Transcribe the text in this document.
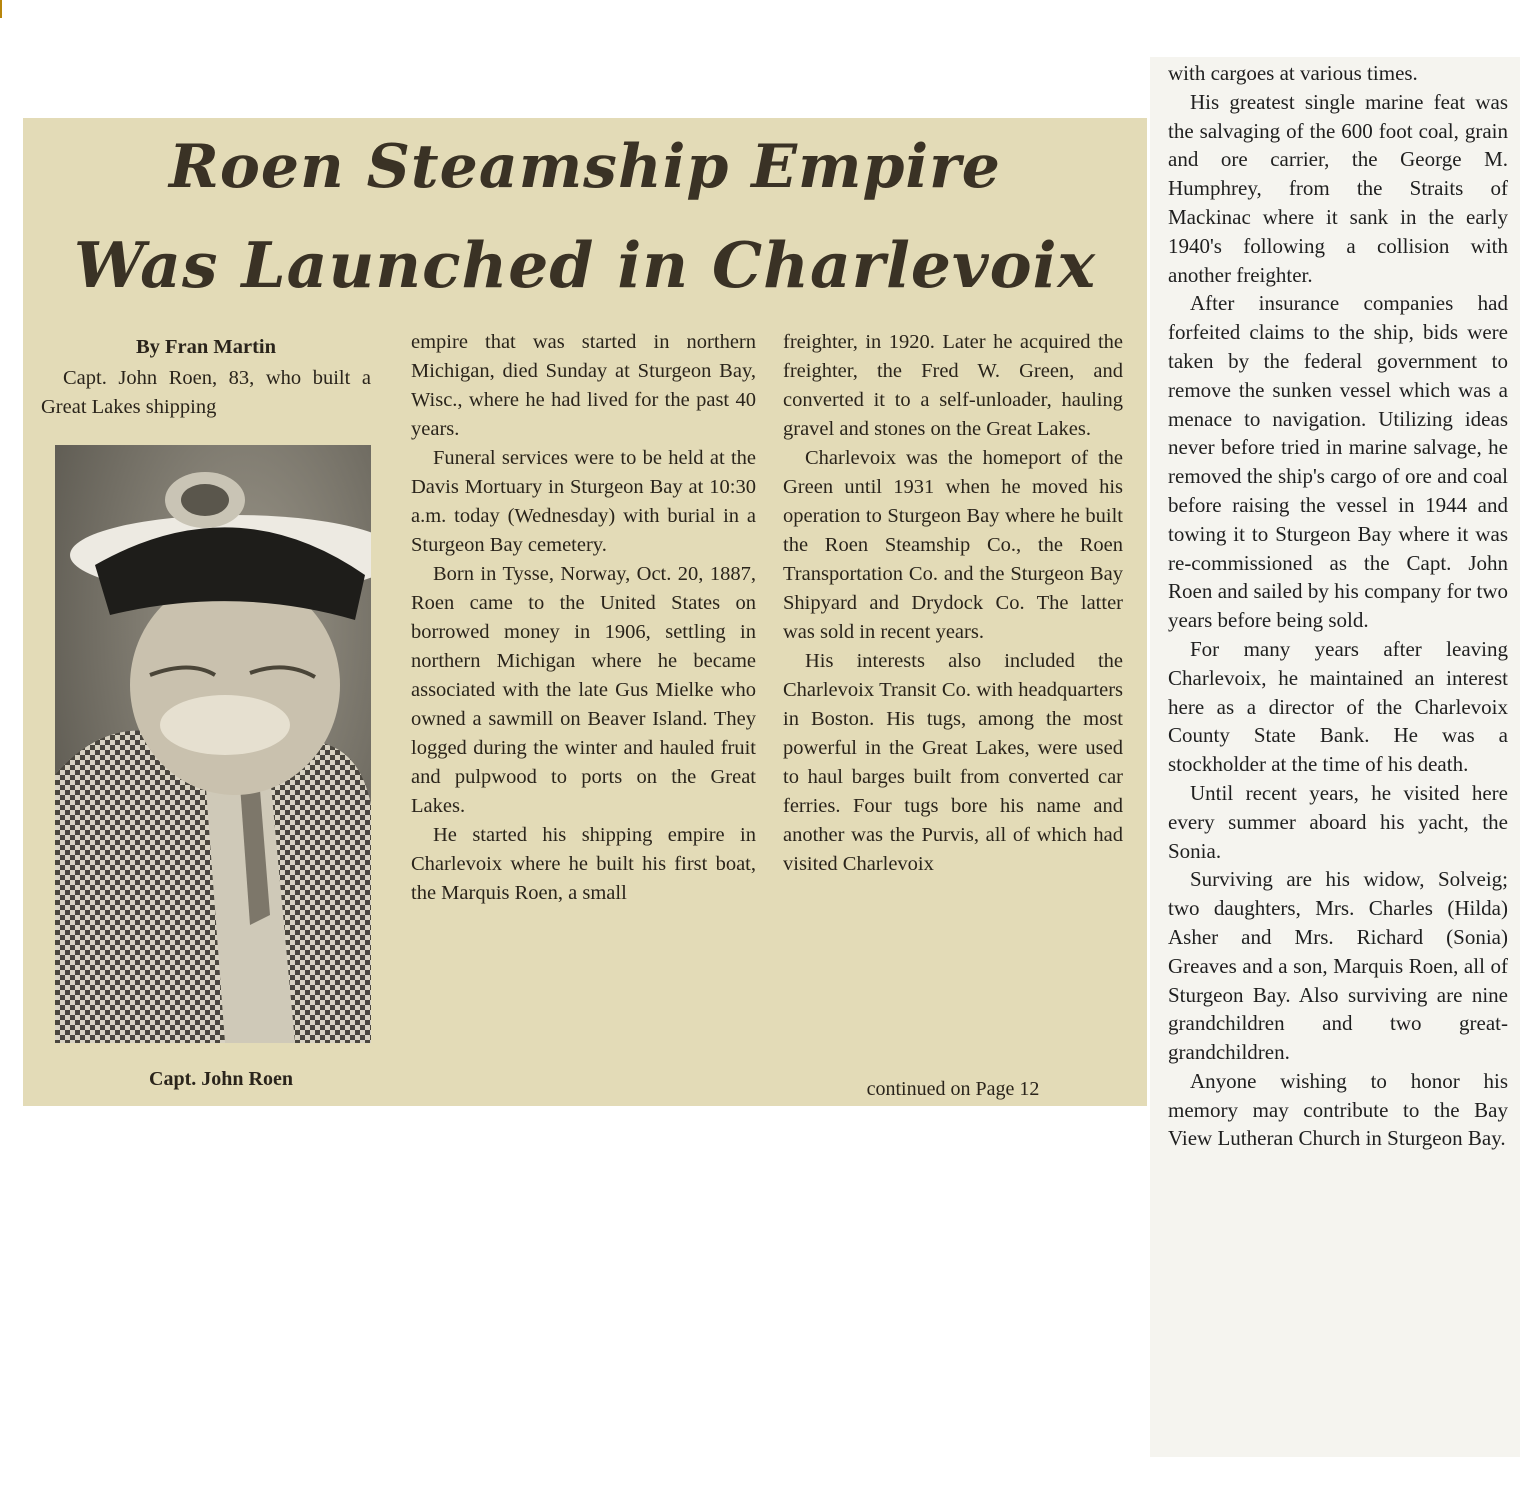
Roen Steamship Empire
Was Launched in Charlevoix

By Fran Martin

Capt. John Roen, 83, who built a Great Lakes shipping

Capt. John Roen

empire that was started in northern Michigan, died Sunday at Sturgeon Bay, Wisc., where he had lived for the past 40 years.

Funeral services were to be held at the Davis Mortuary in Sturgeon Bay at 10:30 a.m. today (Wednesday) with burial in a Sturgeon Bay cemetery.

Born in Tysse, Norway, Oct. 20, 1887, Roen came to the United States on borrowed money in 1906, settling in northern Michigan where he became associated with the late Gus Mielke who owned a sawmill on Beaver Island. They logged during the winter and hauled fruit and pulpwood to ports on the Great Lakes.

He started his shipping empire in Charlevoix where he built his first boat, the Marquis Roen, a small

freighter, in 1920. Later he acquired the freighter, the Fred W. Green, and converted it to a self-unloader, hauling gravel and stones on the Great Lakes.

Charlevoix was the homeport of the Green until 1931 when he moved his operation to Sturgeon Bay where he built the Roen Steamship Co., the Roen Transportation Co. and the Sturgeon Bay Shipyard and Drydock Co. The latter was sold in recent years.

His interests also included the Charlevoix Transit Co. with headquarters in Boston. His tugs, among the most powerful in the Great Lakes, were used to haul barges built from converted car ferries. Four tugs bore his name and another was the Purvis, all of which had visited Charlevoix

continued on Page 12

with cargoes at various times.

His greatest single marine feat was the salvaging of the 600 foot coal, grain and ore carrier, the George M. Humphrey, from the Straits of Mackinac where it sank in the early 1940's following a collision with another freighter.

After insurance companies had forfeited claims to the ship, bids were taken by the federal government to remove the sunken vessel which was a menace to navigation. Utilizing ideas never before tried in marine salvage, he removed the ship's cargo of ore and coal before raising the vessel in 1944 and towing it to Sturgeon Bay where it was re-commissioned as the Capt. John Roen and sailed by his company for two years before being sold.

For many years after leaving Charlevoix, he maintained an interest here as a director of the Charlevoix County State Bank. He was a stockholder at the time of his death.

Until recent years, he visited here every summer aboard his yacht, the Sonia.

Surviving are his widow, Solveig; two daughters, Mrs. Charles (Hilda) Asher and Mrs. Richard (Sonia) Greaves and a son, Marquis Roen, all of Sturgeon Bay. Also surviving are nine grandchildren and two great-grandchildren.

Anyone wishing to honor his memory may contribute to the Bay View Lutheran Church in Sturgeon Bay.
